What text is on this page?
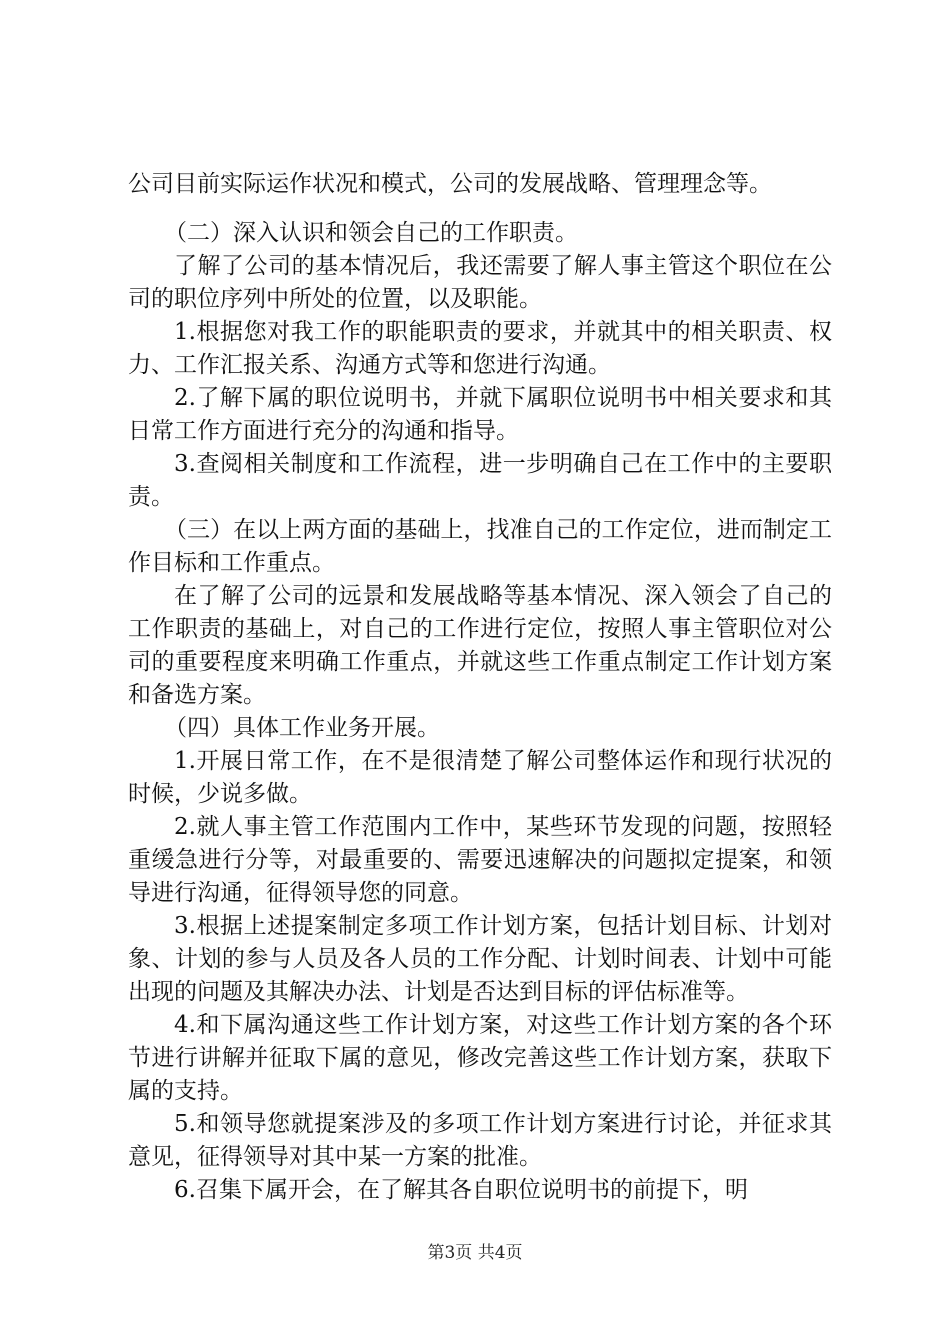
公司目前实际运作状况和模式，公司的发展战略、管理理念等。

（二）深入认识和领会自己的工作职责。

了解了公司的基本情况后，我还需要了解人事主管这个职位在公司的职位序列中所处的位置，以及职能。

1.根据您对我工作的职能职责的要求，并就其中的相关职责、权力、工作汇报关系、沟通方式等和您进行沟通。

2.了解下属的职位说明书，并就下属职位说明书中相关要求和其日常工作方面进行充分的沟通和指导。

3.查阅相关制度和工作流程，进一步明确自己在工作中的主要职责。

（三）在以上两方面的基础上，找准自己的工作定位，进而制定工作目标和工作重点。

在了解了公司的远景和发展战略等基本情况、深入领会了自己的工作职责的基础上，对自己的工作进行定位，按照人事主管职位对公司的重要程度来明确工作重点，并就这些工作重点制定工作计划方案和备选方案。

（四）具体工作业务开展。

1.开展日常工作，在不是很清楚了解公司整体运作和现行状况的时候，少说多做。

2.就人事主管工作范围内工作中，某些环节发现的问题，按照轻重缓急进行分等，对最重要的、需要迅速解决的问题拟定提案，和领导进行沟通，征得领导您的同意。

3.根据上述提案制定多项工作计划方案，包括计划目标、计划对象、计划的参与人员及各人员的工作分配、计划时间表、计划中可能出现的问题及其解决办法、计划是否达到目标的评估标准等。

4.和下属沟通这些工作计划方案，对这些工作计划方案的各个环节进行讲解并征取下属的意见，修改完善这些工作计划方案，获取下属的支持。

5.和领导您就提案涉及的多项工作计划方案进行讨论，并征求其意见，征得领导对其中某一方案的批准。

6.召集下属开会，在了解其各自职位说明书的前提下，明

第3页 共4页
